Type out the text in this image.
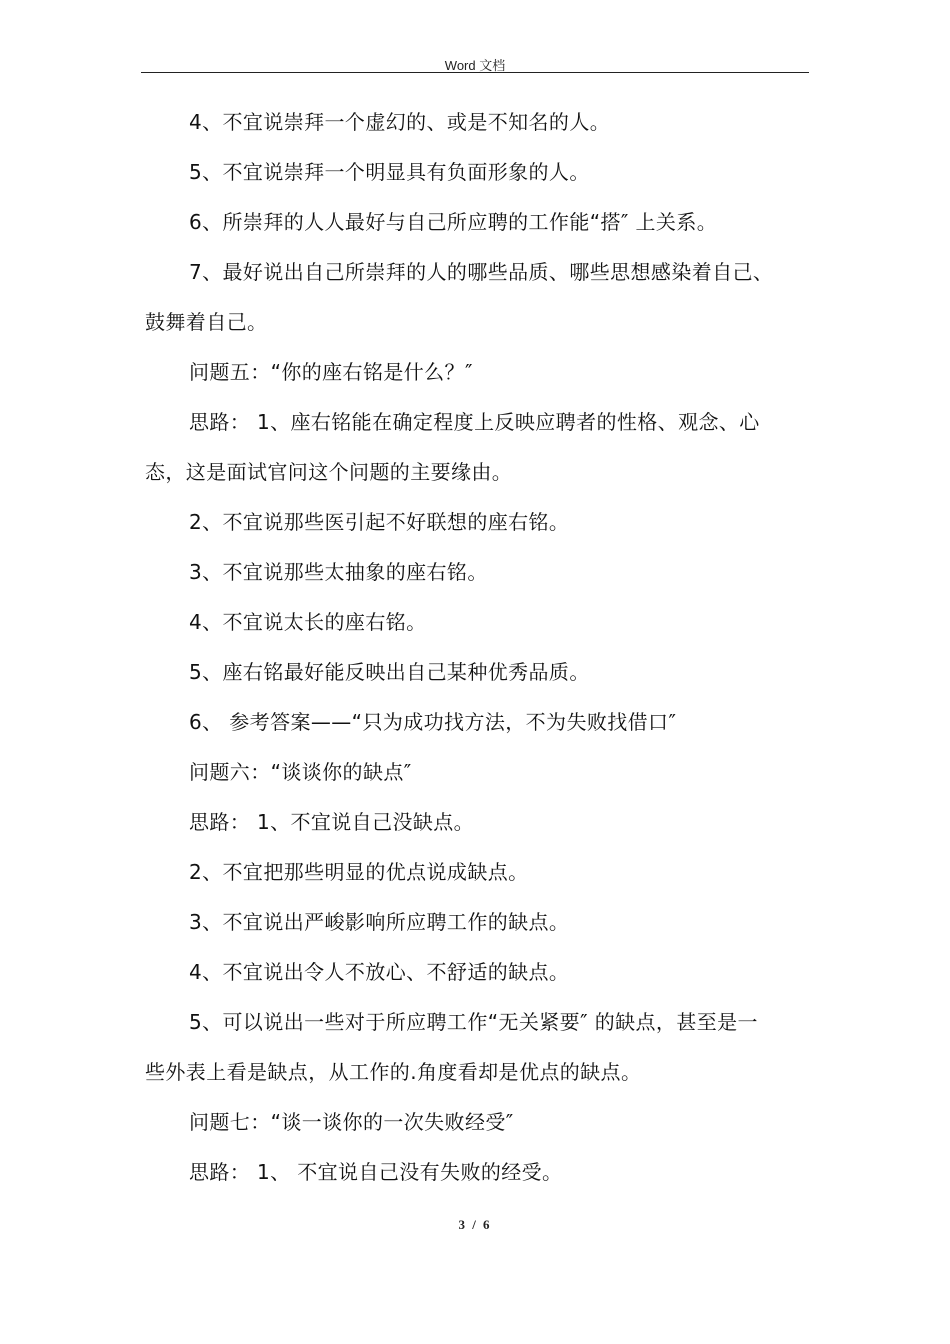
Word 文档
4、不宜说崇拜一个虚幻的、或是不知名的人。
5、不宜说崇拜一个明显具有负面形象的人。
6、所崇拜的人人最好与自己所应聘的工作能“搭″ 上关系。
7、最好说出自己所崇拜的人的哪些品质、哪些思想感染着自己、
鼓舞着自己。
问题五：“你的座右铭是什么？″
思路： 1、座右铭能在确定程度上反映应聘者的性格、观念、心
态，这是面试官问这个问题的主要缘由。
2、不宜说那些医引起不好联想的座右铭。
3、不宜说那些太抽象的座右铭。
4、不宜说太长的座右铭。
5、座右铭最好能反映出自己某种优秀品质。
6、 参考答案——“只为成功找方法，不为失败找借口″
问题六：“谈谈你的缺点″
思路： 1、不宜说自己没缺点。
2、不宜把那些明显的优点说成缺点。
3、不宜说出严峻影响所应聘工作的缺点。
4、不宜说出令人不放心、不舒适的缺点。
5、可以说出一些对于所应聘工作“无关紧要″ 的缺点，甚至是一
些外表上看是缺点，从工作的.角度看却是优点的缺点。
问题七：“谈一谈你的一次失败经受″
思路： 1、 不宜说自己没有失败的经受。
3 / 6
